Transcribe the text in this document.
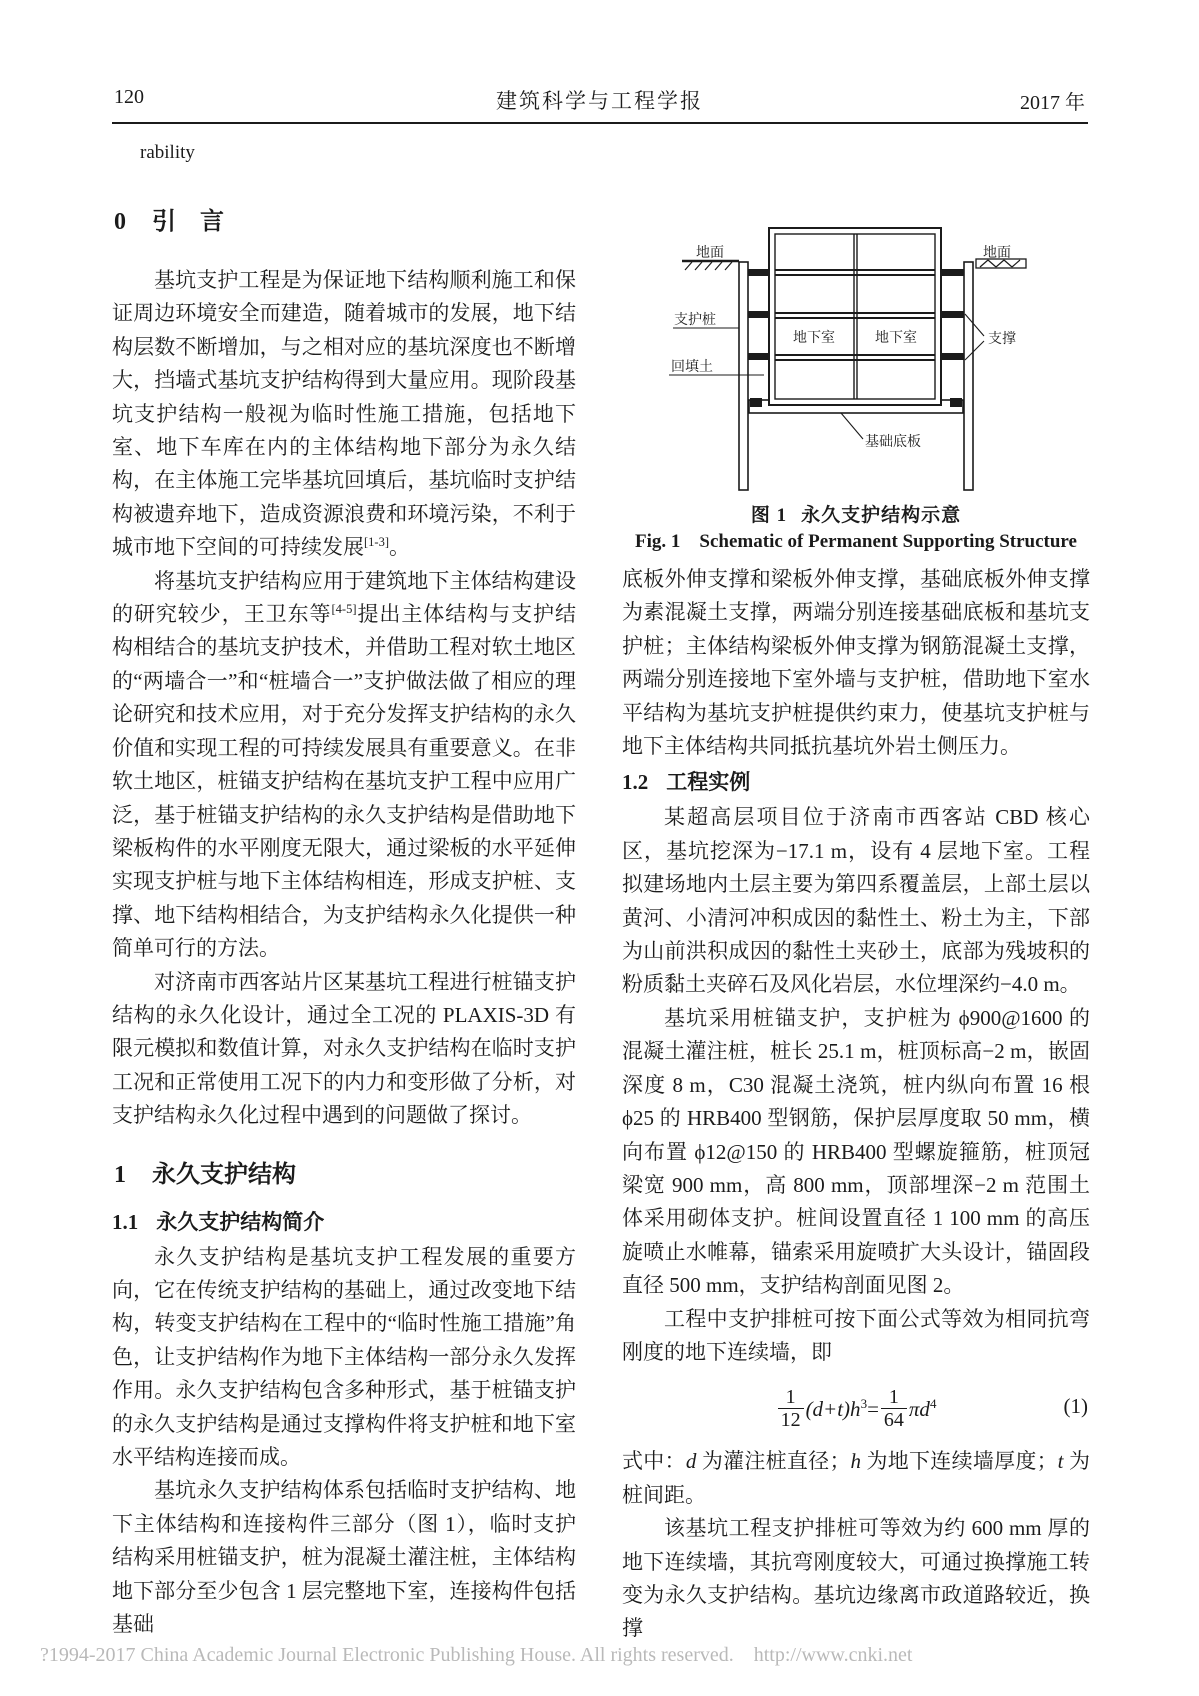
120	建筑科学与工程学报	2017 年
rability
0 引　言

基坑支护工程是为保证地下结构顺利施工和保证周边环境安全而建造，随着城市的发展，地下结构层数不断增加，与之相对应的基坑深度也不断增大，挡墙式基坑支护结构得到大量应用。现阶段基坑支护结构一般视为临时性施工措施，包括地下室、地下车库在内的主体结构地下部分为永久结构，在主体施工完毕基坑回填后，基坑临时支护结构被遗弃地下，造成资源浪费和环境污染，不利于城市地下空间的可持续发展[1-3]。

将基坑支护结构应用于建筑地下主体结构建设的研究较少，王卫东等[4-5]提出主体结构与支护结构相结合的基坑支护技术，并借助工程对软土地区的“两墙合一”和“桩墙合一”支护做法做了相应的理论研究和技术应用，对于充分发挥支护结构的永久价值和实现工程的可持续发展具有重要意义。在非软土地区，桩锚支护结构在基坑支护工程中应用广泛，基于桩锚支护结构的永久支护结构是借助地下梁板构件的水平刚度无限大，通过梁板的水平延伸实现支护桩与地下主体结构相连，形成支护桩、支撑、地下结构相结合，为支护结构永久化提供一种简单可行的方法。

对济南市西客站片区某基坑工程进行桩锚支护结构的永久化设计，通过全工况的 PLAXIS-3D 有限元模拟和数值计算，对永久支护结构在临时支护工况和正常使用工况下的内力和变形做了分析，对支护结构永久化过程中遇到的问题做了探讨。

1 永久支护结构
1.1 永久支护结构简介

永久支护结构是基坑支护工程发展的重要方向，它在传统支护结构的基础上，通过改变地下结构，转变支护结构在工程中的“临时性施工措施”角色，让支护结构作为地下主体结构一部分永久发挥作用。永久支护结构包含多种形式，基于桩锚支护的永久支护结构是通过支撑构件将支护桩和地下室水平结构连接而成。

基坑永久支护结构体系包括临时支护结构、地下主体结构和连接构件三部分（图 1），临时支护结构采用桩锚支护，桩为混凝土灌注桩，主体结构地下部分至少包含 1 层完整地下室，连接构件包括基础

地面	地面
支护桩
回填土
地下室	地下室	支撑
基础底板
图 1 永久支护结构示意
Fig. 1　Schematic of Permanent Supporting Structure

底板外伸支撑和梁板外伸支撑，基础底板外伸支撑为素混凝土支撑，两端分别连接基础底板和基坑支护桩；主体结构梁板外伸支撑为钢筋混凝土支撑，两端分别连接地下室外墙与支护桩，借助地下室水平结构为基坑支护桩提供约束力，使基坑支护桩与地下主体结构共同抵抗基坑外岩土侧压力。

1.2 工程实例

某超高层项目位于济南市西客站 CBD 核心区，基坑挖深为−17.1 m，设有 4 层地下室。工程拟建场地内土层主要为第四系覆盖层，上部土层以黄河、小清河冲积成因的黏性土、粉土为主，下部为山前洪积成因的黏性土夹砂土，底部为残坡积的粉质黏土夹碎石及风化岩层，水位埋深约−4.0 m。

基坑采用桩锚支护，支护桩为 ϕ900@1600 的混凝土灌注桩，桩长 25.1 m，桩顶标高−2 m，嵌固深度 8 m，C30 混凝土浇筑，桩内纵向布置 16 根 ϕ25 的 HRB400 型钢筋，保护层厚度取 50 mm，横向布置 ϕ12@150 的 HRB400 型螺旋箍筋，桩顶冠梁宽 900 mm，高 800 mm，顶部埋深−2 m 范围土体采用砌体支护。桩间设置直径 1 100 mm 的高压旋喷止水帷幕，锚索采用旋喷扩大头设计，锚固段直径 500 mm，支护结构剖面见图 2。

工程中支护排桩可按下面公式等效为相同抗弯刚度的地下连续墙，即

$\frac{1}{12} (d+t)h^3= \frac{1}{64} \pi d^4$	(1)

式中：d 为灌注桩直径；h 为地下连续墙厚度；t 为桩间距。

该基坑工程支护排桩可等效为约 600 mm 厚的地下连续墙，其抗弯刚度较大，可通过换撑施工转变为永久支护结构。基坑边缘离市政道路较近，换撑

?1994-2017 China Academic Journal Electronic Publishing House. All rights reserved.    http://www.cnki.net
